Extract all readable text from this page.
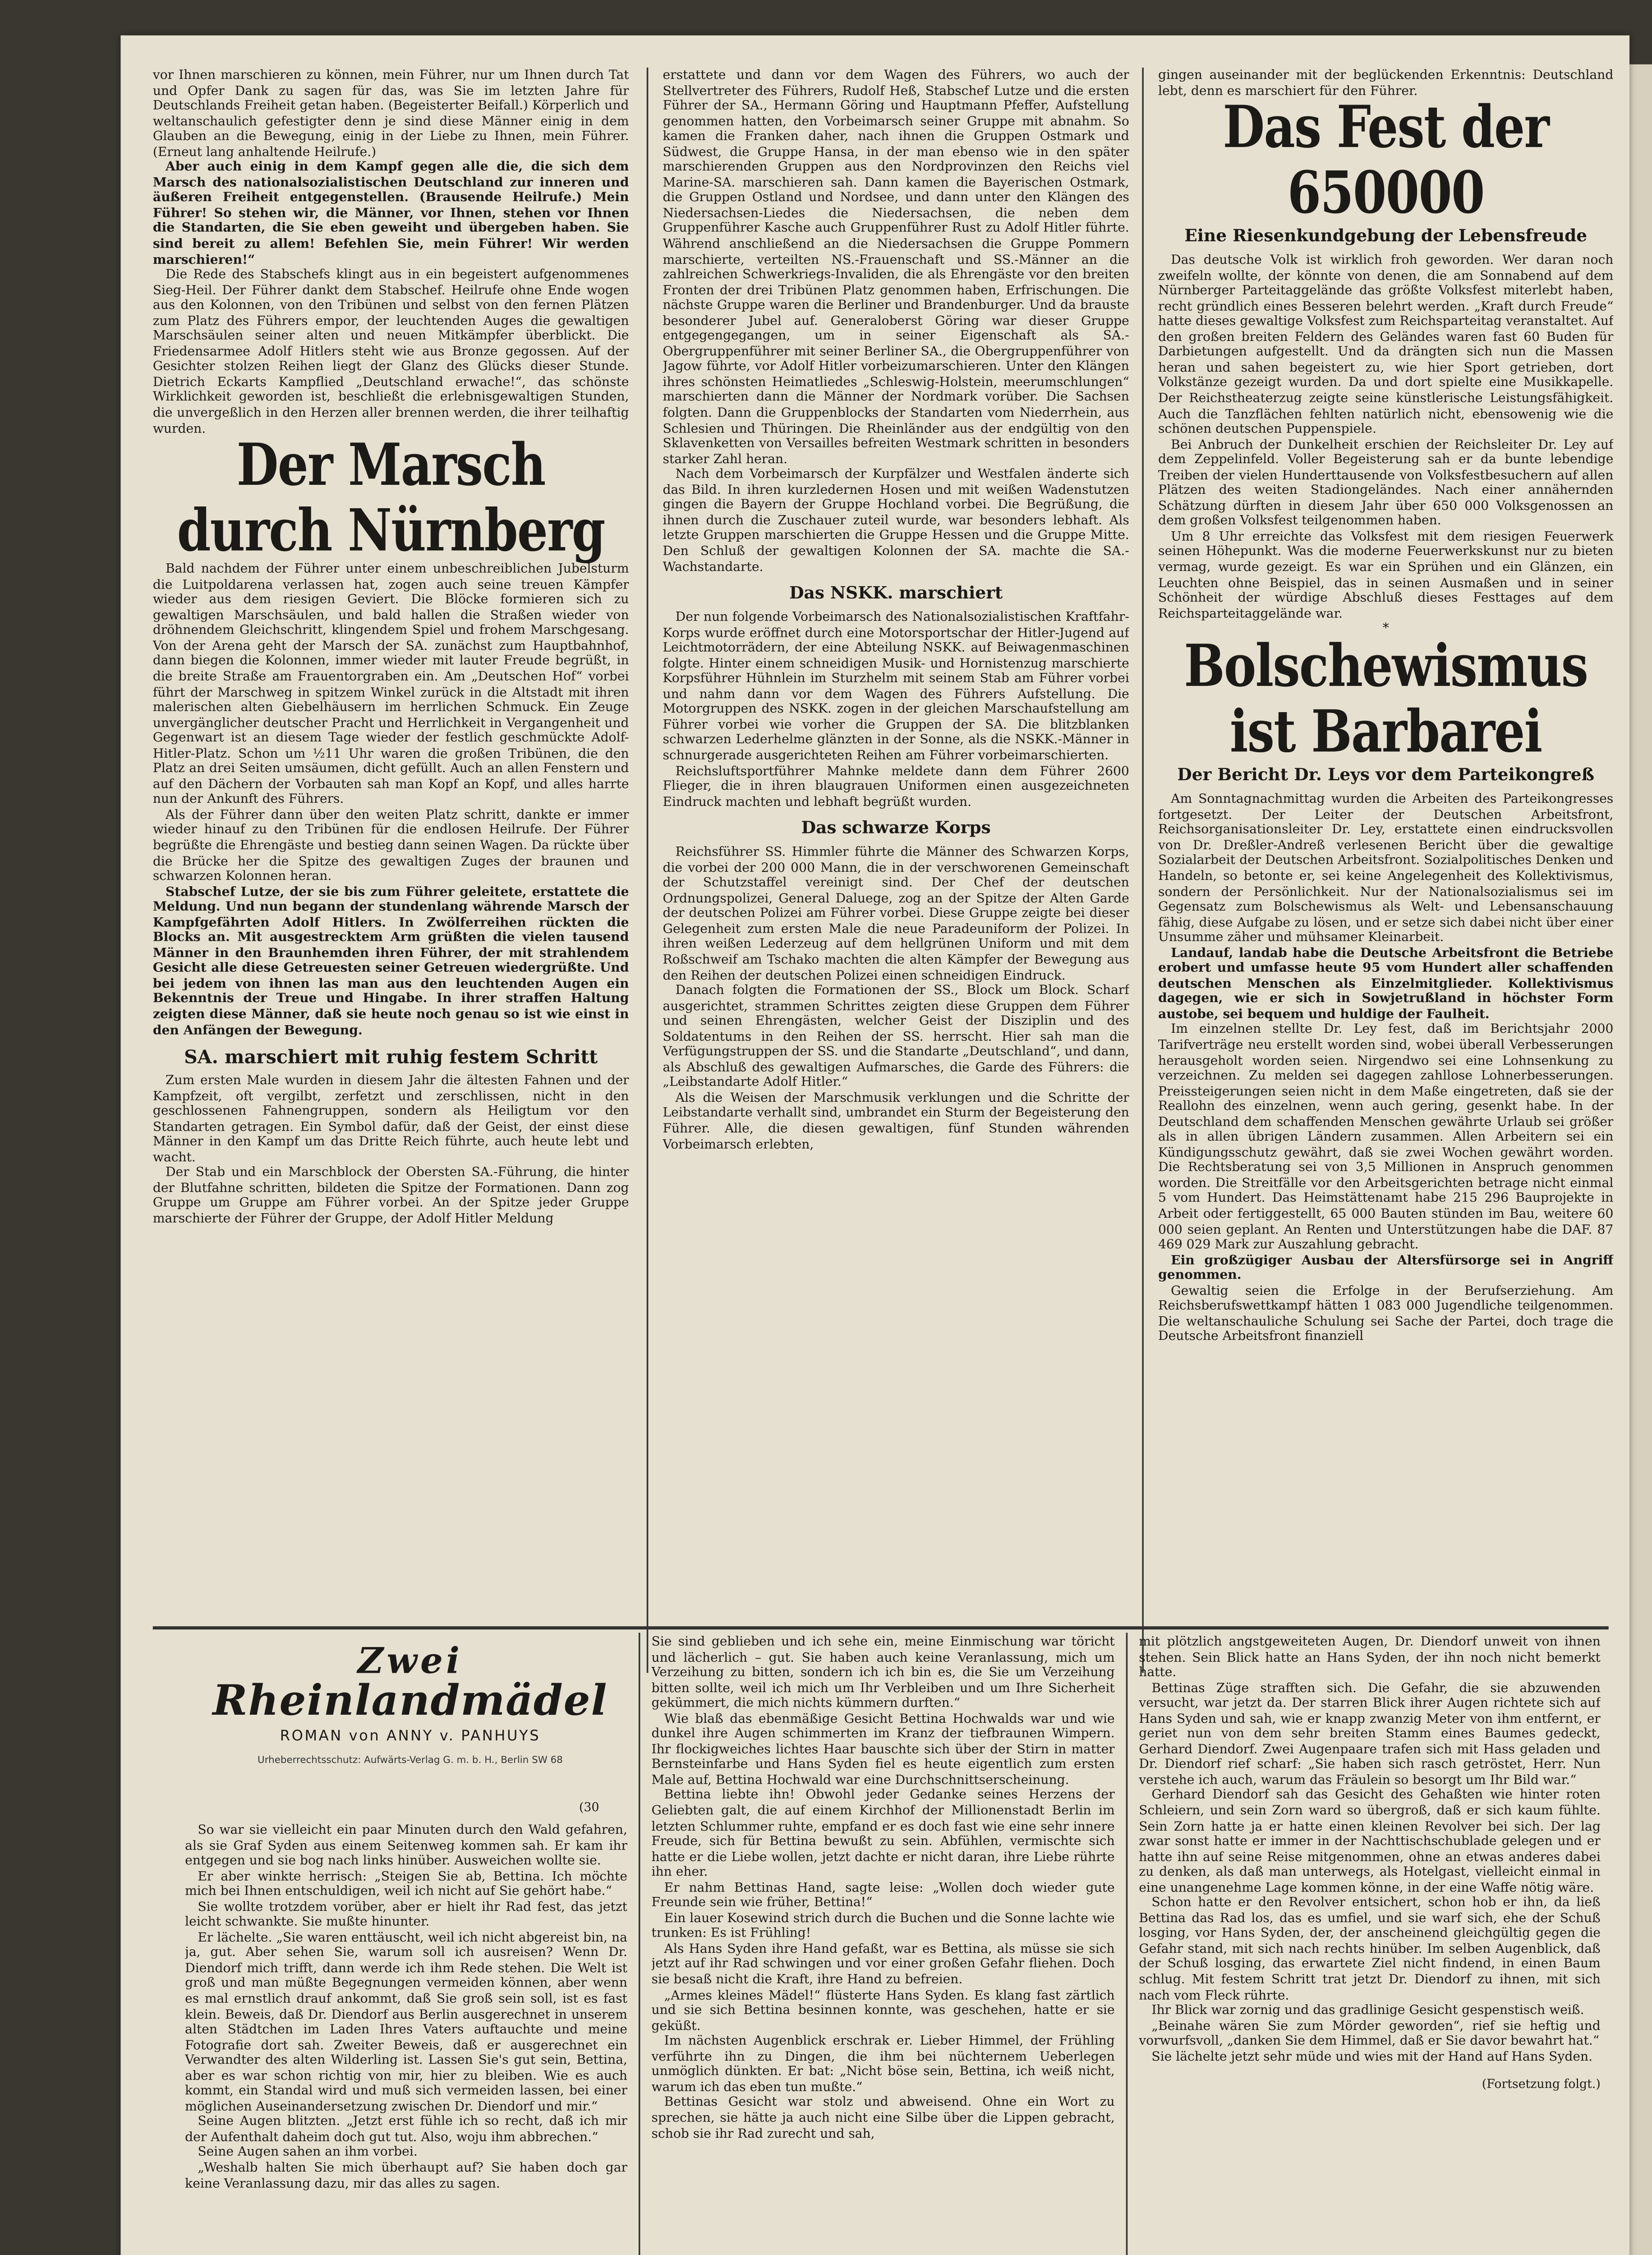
vor Ihnen marschieren zu können, mein Führer, nur um Ihnen durch Tat und Opfer Dank zu sagen für das, was Sie im letzten Jahre für Deutschlands Freiheit getan haben. (Begeisterter Beifall.) Körperlich und weltanschaulich gefestigter denn je sind diese Männer einig in dem Glauben an die Bewegung, einig in der Liebe zu Ihnen, mein Führer. (Erneut lang anhaltende Heilrufe.)

Aber auch einig in dem Kampf gegen alle die, die sich dem Marsch des nationalsozialistischen Deutschland zur inneren und äußeren Freiheit entgegenstellen. (Brausende Heilrufe.) Mein Führer! So stehen wir, die Männer, vor Ihnen, stehen vor Ihnen die Standarten, die Sie eben geweiht und übergeben haben. Sie sind bereit zu allem! Befehlen Sie, mein Führer! Wir werden marschieren!“

Die Rede des Stabschefs klingt aus in ein begeistert aufgenommenes Sieg-Heil. Der Führer dankt dem Stabschef. Heilrufe ohne Ende wogen aus den Kolonnen, von den Tribünen und selbst von den fernen Plätzen zum Platz des Führers empor, der leuchtenden Auges die gewaltigen Marschsäulen seiner alten und neuen Mitkämpfer überblickt. Die Friedensarmee Adolf Hitlers steht wie aus Bronze gegossen. Auf der Gesichter stolzen Reihen liegt der Glanz des Glücks dieser Stunde. Dietrich Eckarts Kampflied „Deutschland erwache!“, das schönste Wirklichkeit geworden ist, beschließt die erlebnisgewaltigen Stunden, die unvergeßlich in den Herzen aller brennen werden, die ihrer teilhaftig wurden.

Der Marsch durch Nürnberg

Bald nachdem der Führer unter einem unbeschreiblichen Jubelsturm die Luitpoldarena verlassen hat, zogen auch seine treuen Kämpfer wieder aus dem riesigen Geviert. Die Blöcke formieren sich zu gewaltigen Marschsäulen, und bald hallen die Straßen wieder von dröhnendem Gleichschritt, klingendem Spiel und frohem Marschgesang. Von der Arena geht der Marsch der SA. zunächst zum Hauptbahnhof, dann biegen die Kolonnen, immer wieder mit lauter Freude begrüßt, in die breite Straße am Frauentorgraben ein. Am „Deutschen Hof“ vorbei führt der Marschweg in spitzem Winkel zurück in die Altstadt mit ihren malerischen alten Giebelhäusern im herrlichen Schmuck. Ein Zeuge unvergänglicher deutscher Pracht und Herrlichkeit in Vergangenheit und Gegenwart ist an diesem Tage wieder der festlich geschmückte Adolf-Hitler-Platz. Schon um ½11 Uhr waren die großen Tribünen, die den Platz an drei Seiten umsäumen, dicht gefüllt. Auch an allen Fenstern und auf den Dächern der Vorbauten sah man Kopf an Kopf, und alles harrte nun der Ankunft des Führers.

Als der Führer dann über den weiten Platz schritt, dankte er immer wieder hinauf zu den Tribünen für die endlosen Heilrufe. Der Führer begrüßte die Ehrengäste und bestieg dann seinen Wagen. Da rückte über die Brücke her die Spitze des gewaltigen Zuges der braunen und schwarzen Kolonnen heran.

Stabschef Lutze, der sie bis zum Führer geleitete, erstattete die Meldung. Und nun begann der stundenlang währende Marsch der Kampfgefährten Adolf Hitlers. In Zwölferreihen rückten die Blocks an. Mit ausgestrecktem Arm grüßten die vielen tausend Männer in den Braunhemden ihren Führer, der mit strahlendem Gesicht alle diese Getreuesten seiner Getreuen wiedergrüßte. Und bei jedem von ihnen las man aus den leuchtenden Augen ein Bekenntnis der Treue und Hingabe. In ihrer straffen Haltung zeigten diese Männer, daß sie heute noch genau so ist wie einst in den Anfängen der Bewegung.

SA. marschiert mit ruhig festem Schritt

Zum ersten Male wurden in diesem Jahr die ältesten Fahnen und der Kampfzeit, oft vergilbt, zerfetzt und zerschlissen, nicht in den geschlossenen Fahnengruppen, sondern als Heiligtum vor den Standarten getragen. Ein Symbol dafür, daß der Geist, der einst diese Männer in den Kampf um das Dritte Reich führte, auch heute lebt und wacht.

Der Stab und ein Marschblock der Obersten SA.-Führung, die hinter der Blutfahne schritten, bildeten die Spitze der Formationen. Dann zog Gruppe um Gruppe am Führer vorbei. An der Spitze jeder Gruppe marschierte der Führer der Gruppe, der Adolf Hitler Meldung

erstattete und dann vor dem Wagen des Führers, wo auch der Stellvertreter des Führers, Rudolf Heß, Stabschef Lutze und die ersten Führer der SA., Hermann Göring und Hauptmann Pfeffer, Aufstellung genommen hatten, den Vorbeimarsch seiner Gruppe mit abnahm. So kamen die Franken daher, nach ihnen die Gruppen Ostmark und Südwest, die Gruppe Hansa, in der man ebenso wie in den später marschierenden Gruppen aus den Nordprovinzen den Reichs viel Marine-SA. marschieren sah. Dann kamen die Bayerischen Ostmark, die Gruppen Ostland und Nordsee, und dann unter den Klängen des Niedersachsen-Liedes die Niedersachsen, die neben dem Gruppenführer Kasche auch Gruppenführer Rust zu Adolf Hitler führte. Während anschließend an die Niedersachsen die Gruppe Pommern marschierte, verteilten NS.-Frauenschaft und SS.-Männer an die zahlreichen Schwerkriegs-Invaliden, die als Ehrengäste vor den breiten Fronten der drei Tribünen Platz genommen haben, Erfrischungen. Die nächste Gruppe waren die Berliner und Brandenburger. Und da brauste besonderer Jubel auf. Generaloberst Göring war dieser Gruppe entgegengegangen, um in seiner Eigenschaft als SA.-Obergruppenführer mit seiner Berliner SA., die Obergruppenführer von Jagow führte, vor Adolf Hitler vorbeizumarschieren. Unter den Klängen ihres schönsten Heimatliedes „Schleswig-Holstein, meerumschlungen“ marschierten dann die Männer der Nordmark vorüber. Die Sachsen folgten. Dann die Gruppenblocks der Standarten vom Niederrhein, aus Schlesien und Thüringen. Die Rheinländer aus der endgültig von den Sklavenketten von Versailles befreiten Westmark schritten in besonders starker Zahl heran.

Nach dem Vorbeimarsch der Kurpfälzer und Westfalen änderte sich das Bild. In ihren kurzledernen Hosen und mit weißen Wadenstutzen gingen die Bayern der Gruppe Hochland vorbei. Die Begrüßung, die ihnen durch die Zuschauer zuteil wurde, war besonders lebhaft. Als letzte Gruppen marschierten die Gruppe Hessen und die Gruppe Mitte. Den Schluß der gewaltigen Kolonnen der SA. machte die SA.-Wachstandarte.

Das NSKK. marschiert

Der nun folgende Vorbeimarsch des Nationalsozialistischen Kraftfahr-Korps wurde eröffnet durch eine Motorsportschar der Hitler-Jugend auf Leichtmotorrädern, der eine Abteilung NSKK. auf Beiwagenmaschinen folgte. Hinter einem schneidigen Musik- und Hornistenzug marschierte Korpsführer Hühnlein im Sturzhelm mit seinem Stab am Führer vorbei und nahm dann vor dem Wagen des Führers Aufstellung. Die Motorgruppen des NSKK. zogen in der gleichen Marschaufstellung am Führer vorbei wie vorher die Gruppen der SA. Die blitzblanken schwarzen Lederhelme glänzten in der Sonne, als die NSKK.-Männer in schnurgerade ausgerichteten Reihen am Führer vorbeimarschierten.

Reichsluftsportführer Mahnke meldete dann dem Führer 2600 Flieger, die in ihren blaugrauen Uniformen einen ausgezeichneten Eindruck machten und lebhaft begrüßt wurden.

Das schwarze Korps

Reichsführer SS. Himmler führte die Männer des Schwarzen Korps, die vorbei der 200 000 Mann, die in der verschworenen Gemeinschaft der Schutzstaffel vereinigt sind. Der Chef der deutschen Ordnungspolizei, General Daluege, zog an der Spitze der Alten Garde der deutschen Polizei am Führer vorbei. Diese Gruppe zeigte bei dieser Gelegenheit zum ersten Male die neue Paradeuniform der Polizei. In ihren weißen Lederzeug auf dem hellgrünen Uniform und mit dem Roßschweif am Tschako machten die alten Kämpfer der Bewegung aus den Reihen der deutschen Polizei einen schneidigen Eindruck.

Danach folgten die Formationen der SS., Block um Block. Scharf ausgerichtet, strammen Schrittes zeigten diese Gruppen dem Führer und seinen Ehrengästen, welcher Geist der Disziplin und des Soldatentums in den Reihen der SS. herrscht. Hier sah man die Verfügungstruppen der SS. und die Standarte „Deutschland“, und dann, als Abschluß des gewaltigen Aufmarsches, die Garde des Führers: die „Leibstandarte Adolf Hitler.“

Als die Weisen der Marschmusik verklungen und die Schritte der Leibstandarte verhallt sind, umbrandet ein Sturm der Begeisterung den Führer. Alle, die diesen gewaltigen, fünf Stunden währenden Vorbeimarsch erlebten,

gingen auseinander mit der beglückenden Erkenntnis: Deutschland lebt, denn es marschiert für den Führer.

Das Fest der 650000
Eine Riesenkundgebung der Lebensfreude

Das deutsche Volk ist wirklich froh geworden. Wer daran noch zweifeln wollte, der könnte von denen, die am Sonnabend auf dem Nürnberger Parteitaggelände das größte Volksfest miterlebt haben, recht gründlich eines Besseren belehrt werden. „Kraft durch Freude“ hatte dieses gewaltige Volksfest zum Reichsparteitag veranstaltet. Auf den großen breiten Feldern des Geländes waren fast 60 Buden für Darbietungen aufgestellt. Und da drängten sich nun die Massen heran und sahen begeistert zu, wie hier Sport getrieben, dort Volkstänze gezeigt wurden. Da und dort spielte eine Musikkapelle. Der Reichstheaterzug zeigte seine künstlerische Leistungsfähigkeit. Auch die Tanzflächen fehlten natürlich nicht, ebensowenig wie die schönen deutschen Puppenspiele.

Bei Anbruch der Dunkelheit erschien der Reichsleiter Dr. Ley auf dem Zeppelinfeld. Voller Begeisterung sah er da bunte lebendige Treiben der vielen Hunderttausende von Volksfestbesuchern auf allen Plätzen des weiten Stadiongeländes. Nach einer annähernden Schätzung dürften in diesem Jahr über 650 000 Volksgenossen an dem großen Volksfest teilgenommen haben.

Um 8 Uhr erreichte das Volksfest mit dem riesigen Feuerwerk seinen Höhepunkt. Was die moderne Feuerwerkskunst nur zu bieten vermag, wurde gezeigt. Es war ein Sprühen und ein Glänzen, ein Leuchten ohne Beispiel, das in seinen Ausmaßen und in seiner Schönheit der würdige Abschluß dieses Festtages auf dem Reichsparteitaggelände war.

*
Bolschewismus ist Barbarei
Der Bericht Dr. Leys vor dem Parteikongreß

Am Sonntagnachmittag wurden die Arbeiten des Parteikongresses fortgesetzt. Der Leiter der Deutschen Arbeitsfront, Reichsorganisationsleiter Dr. Ley, erstattete einen eindrucksvollen von Dr. Dreßler-Andreß verlesenen Bericht über die gewaltige Sozialarbeit der Deutschen Arbeitsfront. Sozialpolitisches Denken und Handeln, so betonte er, sei keine Angelegenheit des Kollektivismus, sondern der Persönlichkeit. Nur der Nationalsozialismus sei im Gegensatz zum Bolschewismus als Welt- und Lebensanschauung fähig, diese Aufgabe zu lösen, und er setze sich dabei nicht über einer Unsumme zäher und mühsamer Kleinarbeit.

Landauf, landab habe die Deutsche Arbeitsfront die Betriebe erobert und umfasse heute 95 vom Hundert aller schaffenden deutschen Menschen als Einzelmitglieder. Kollektivismus dagegen, wie er sich in Sowjetrußland in höchster Form austobe, sei bequem und huldige der Faulheit.

Im einzelnen stellte Dr. Ley fest, daß im Berichtsjahr 2000 Tarifverträge neu erstellt worden sind, wobei überall Verbesserungen herausgeholt worden seien. Nirgendwo sei eine Lohnsenkung zu verzeichnen. Zu melden sei dagegen zahllose Lohnerbesserungen. Preissteigerungen seien nicht in dem Maße eingetreten, daß sie der Reallohn des einzelnen, wenn auch gering, gesenkt habe. In der Deutschland dem schaffenden Menschen gewährte Urlaub sei größer als in allen übrigen Ländern zusammen. Allen Arbeitern sei ein Kündigungsschutz gewährt, daß sie zwei Wochen gewährt worden. Die Rechtsberatung sei von 3,5 Millionen in Anspruch genommen worden. Die Streitfälle vor den Arbeitsgerichten betrage nicht einmal 5 vom Hundert. Das Heimstättenamt habe 215 296 Bauprojekte in Arbeit oder fertiggestellt, 65 000 Bauten stünden im Bau, weitere 60 000 seien geplant. An Renten und Unterstützungen habe die DAF. 87 469 029 Mark zur Auszahlung gebracht.

Ein großzügiger Ausbau der Altersfürsorge sei in Angriff genommen.

Gewaltig seien die Erfolge in der Berufserziehung. Am Reichsberufswettkampf hätten 1 083 000 Jugendliche teilgenommen. Die weltanschauliche Schulung sei Sache der Partei, doch trage die Deutsche Arbeitsfront finanziell

Zwei
Rheinlandmädel
ROMAN von ANNY v. PANHUYS
Urheberrechtsschutz: Aufwärts-Verlag G. m. b. H., Berlin SW 68
(30

So war sie vielleicht ein paar Minuten durch den Wald gefahren, als sie Graf Syden aus einem Seitenweg kommen sah. Er kam ihr entgegen und sie bog nach links hinüber. Ausweichen wollte sie.

Er aber winkte herrisch: „Steigen Sie ab, Bettina. Ich möchte mich bei Ihnen entschuldigen, weil ich nicht auf Sie gehört habe.“

Sie wollte trotzdem vorüber, aber er hielt ihr Rad fest, das jetzt leicht schwankte. Sie mußte hinunter.

Er lächelte. „Sie waren enttäuscht, weil ich nicht abgereist bin, na ja, gut. Aber sehen Sie, warum soll ich ausreisen? Wenn Dr. Diendorf mich trifft, dann werde ich ihm Rede stehen. Die Welt ist groß und man müßte Begegnungen vermeiden können, aber wenn es mal ernstlich drauf ankommt, daß Sie groß sein soll, ist es fast klein. Beweis, daß Dr. Diendorf aus Berlin ausgerechnet in unserem alten Städtchen im Laden Ihres Vaters auftauchte und meine Fotografie dort sah. Zweiter Beweis, daß er ausgerechnet ein Verwandter des alten Wilderling ist. Lassen Sie's gut sein, Bettina, aber es war schon richtig von mir, hier zu bleiben. Wie es auch kommt, ein Standal wird und muß sich vermeiden lassen, bei einer möglichen Auseinandersetzung zwischen Dr. Diendorf und mir.“

Seine Augen blitzten. „Jetzt erst fühle ich so recht, daß ich mir der Aufenthalt daheim doch gut tut. Also, woju ihm abbrechen.“

Seine Augen sahen an ihm vorbei.

„Weshalb halten Sie mich überhaupt auf? Sie haben doch gar keine Veranlassung dazu, mir das alles zu sagen.

Sie sind geblieben und ich sehe ein, meine Einmischung war töricht und lächerlich – gut. Sie haben auch keine Veranlassung, mich um Verzeihung zu bitten, sondern ich ich bin es, die Sie um Verzeihung bitten sollte, weil ich mich um Ihr Verbleiben und um Ihre Sicherheit gekümmert, die mich nichts kümmern durften.“

Wie blaß das ebenmäßige Gesicht Bettina Hochwalds war und wie dunkel ihre Augen schimmerten im Kranz der tiefbraunen Wimpern. Ihr flockigweiches lichtes Haar bauschte sich über der Stirn in matter Bernsteinfarbe und Hans Syden fiel es heute eigentlich zum ersten Male auf, Bettina Hochwald war eine Durchschnittserscheinung.

Bettina liebte ihn! Obwohl jeder Gedanke seines Herzens der Geliebten galt, die auf einem Kirchhof der Millionenstadt Berlin im letzten Schlummer ruhte, empfand er es doch fast wie eine sehr innere Freude, sich für Bettina bewußt zu sein. Abfühlen, vermischte sich hatte er die Liebe wollen, jetzt dachte er nicht daran, ihre Liebe rührte ihn eher.

Er nahm Bettinas Hand, sagte leise: „Wollen doch wieder gute Freunde sein wie früher, Bettina!“

Ein lauer Kosewind strich durch die Buchen und die Sonne lachte wie trunken: Es ist Frühling!

Als Hans Syden ihre Hand gefaßt, war es Bettina, als müsse sie sich jetzt auf ihr Rad schwingen und vor einer großen Gefahr fliehen. Doch sie besaß nicht die Kraft, ihre Hand zu befreien.

„Armes kleines Mädel!“ flüsterte Hans Syden. Es klang fast zärtlich und sie sich Bettina besinnen konnte, was geschehen, hatte er sie geküßt.

Im nächsten Augenblick erschrak er. Lieber Himmel, der Frühling verführte ihn zu Dingen, die ihm bei nüchternem Ueberlegen unmöglich dünkten. Er bat: „Nicht böse sein, Bettina, ich weiß nicht, warum ich das eben tun mußte.“

Bettinas Gesicht war stolz und abweisend. Ohne ein Wort zu sprechen, sie hätte ja auch nicht eine Silbe über die Lippen gebracht, schob sie ihr Rad zurecht und sah,

mit plötzlich angstgeweiteten Augen, Dr. Diendorf unweit von ihnen stehen. Sein Blick hatte an Hans Syden, der ihn noch nicht bemerkt hatte.

Bettinas Züge strafften sich. Die Gefahr, die sie abzuwenden versucht, war jetzt da. Der starren Blick ihrer Augen richtete sich auf Hans Syden und sah, wie er knapp zwanzig Meter von ihm entfernt, er geriet nun von dem sehr breiten Stamm eines Baumes gedeckt, Gerhard Diendorf. Zwei Augenpaare trafen sich mit Hass geladen und Dr. Diendorf rief scharf: „Sie haben sich rasch getröstet, Herr. Nun verstehe ich auch, warum das Fräulein so besorgt um Ihr Bild war.“

Gerhard Diendorf sah das Gesicht des Gehaßten wie hinter roten Schleiern, und sein Zorn ward so übergroß, daß er sich kaum fühlte. Sein Zorn hatte ja er hatte einen kleinen Revolver bei sich. Der lag zwar sonst hatte er immer in der Nachttischschublade gelegen und er hatte ihn auf seine Reise mitgenommen, ohne an etwas anderes dabei zu denken, als daß man unterwegs, als Hotelgast, vielleicht einmal in eine unangenehme Lage kommen könne, in der eine Waffe nötig wäre.

Schon hatte er den Revolver entsichert, schon hob er ihn, da ließ Bettina das Rad los, das es umfiel, und sie warf sich, ehe der Schuß losging, vor Hans Syden, der, der anscheinend gleichgültig gegen die Gefahr stand, mit sich nach rechts hinüber. Im selben Augenblick, daß der Schuß losging, das erwartete Ziel nicht findend, in einen Baum schlug. Mit festem Schritt trat jetzt Dr. Diendorf zu ihnen, mit sich nach vom Fleck rührte.

Ihr Blick war zornig und das gradlinige Gesicht gespenstisch weiß.

„Beinahe wären Sie zum Mörder geworden“, rief sie heftig und vorwurfsvoll, „danken Sie dem Himmel, daß er Sie davor bewahrt hat.“

Sie lächelte jetzt sehr müde und wies mit der Hand auf Hans Syden.

(Fortsetzung folgt.)
